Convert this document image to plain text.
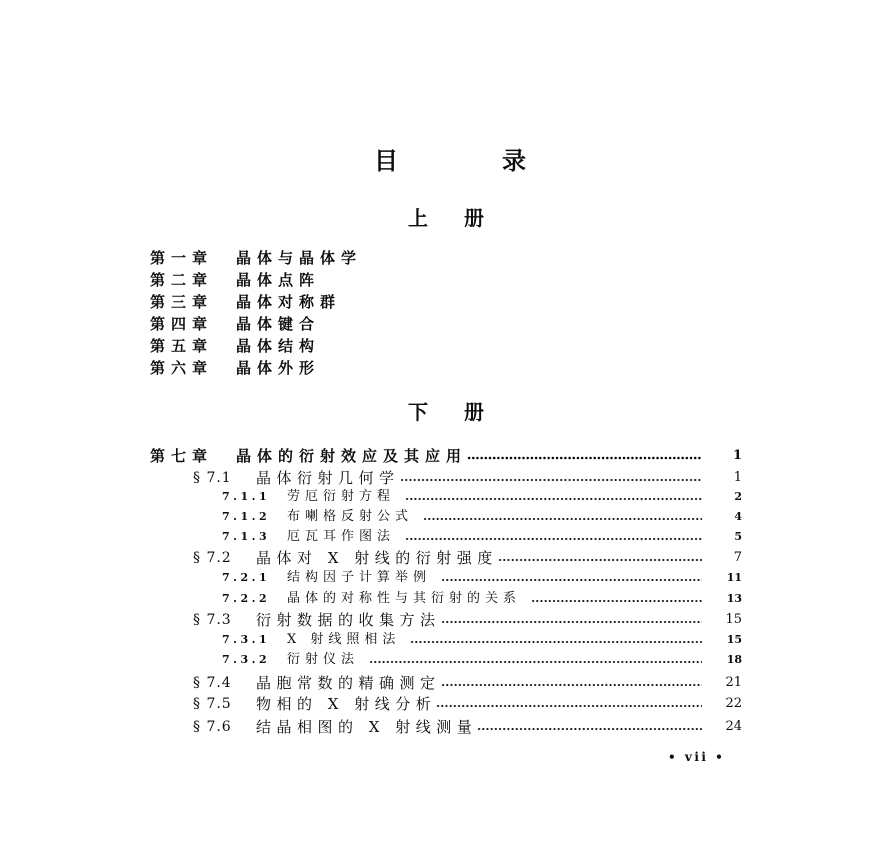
目录
上册
第一章	晶体与晶体学
第二章	晶体点阵
第三章	晶体对称群
第四章	晶体键合
第五章	晶体结构
第六章	晶体外形
下册
第七章	晶体的衍射效应及其应用	1
§ 7.1	晶体衍射几何学	1
7.1.1	劳厄衍射方程	2
7.1.2	布喇格反射公式	4
7.1.3	厄瓦耳作图法	5
§ 7.2	晶体对 X 射线的衍射强度	7
7.2.1	结构因子计算举例	11
7.2.2	晶体的对称性与其衍射的关系	13
§ 7.3	衍射数据的收集方法	15
7.3.1	X 射线照相法	15
7.3.2	衍射仪法	18
§ 7.4	晶胞常数的精确测定	21
§ 7.5	物相的 X 射线分析	22
§ 7.6	结晶相图的 X 射线测量	24
• vii •
